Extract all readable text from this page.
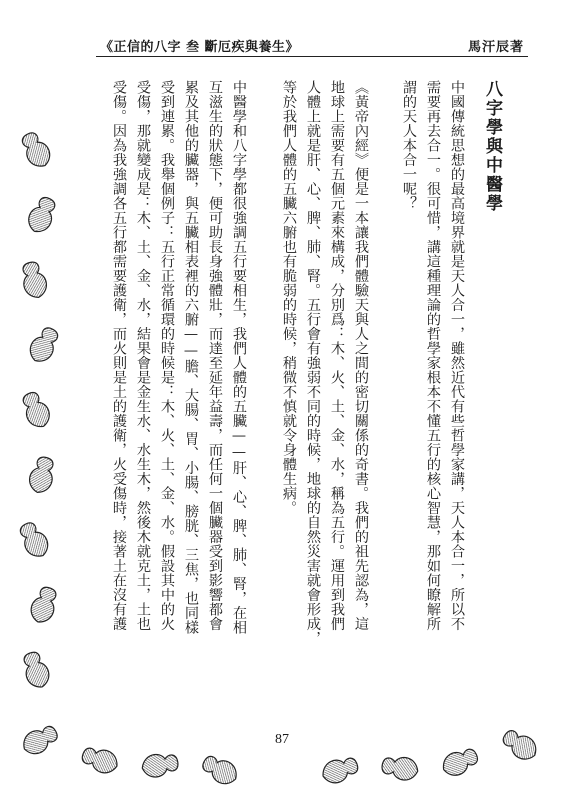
《正信的八字 叁 斷厄疾與養生》	馬汗辰著
八字學與中醫學
中國傳統思想的最高境界就是天人合一，雖然近代有些哲學家講，天人本合一，所以不
需要再去合一。很可惜，講這種理論的哲學家根本不懂五行的核心智慧，那如何瞭解所
謂的天人本合一呢？
《黃帝內經》便是一本讓我們體驗天與人之間的密切關係的奇書。我們的祖先認為，這
地球上需要有五個元素來構成，分別爲：木、火、土、金、水，稱為五行。運用到我們
人體上就是肝、心、脾、肺、腎。五行會有強弱不同的時候，地球的自然災害就會形成，
等於我們人體的五臟六腑也有脆弱的時候，稍微不慎就令身體生病。
中醫學和八字學都很強調五行要相生，我們人體的五臟——肝、心、脾、肺、腎，在相
互滋生的狀態下，便可助長身強體壯，而達至延年益壽，而任何一個臟器受到影響都會
累及其他的臟器，與五臟相表裡的六腑——膽、大腸、胃、小腸、膀胱、三焦，也同樣
受到連累。我舉個例子：五行正常循環的時候是：木、火、土、金、水。假設其中的火
受傷，那就變成是：木、土、金、水，結果會是金生水、水生木，然後木就克土，土也
受傷。因為我強調各五行都需要護衛，而火則是土的護衛，火受傷時，接著土在沒有護
87
